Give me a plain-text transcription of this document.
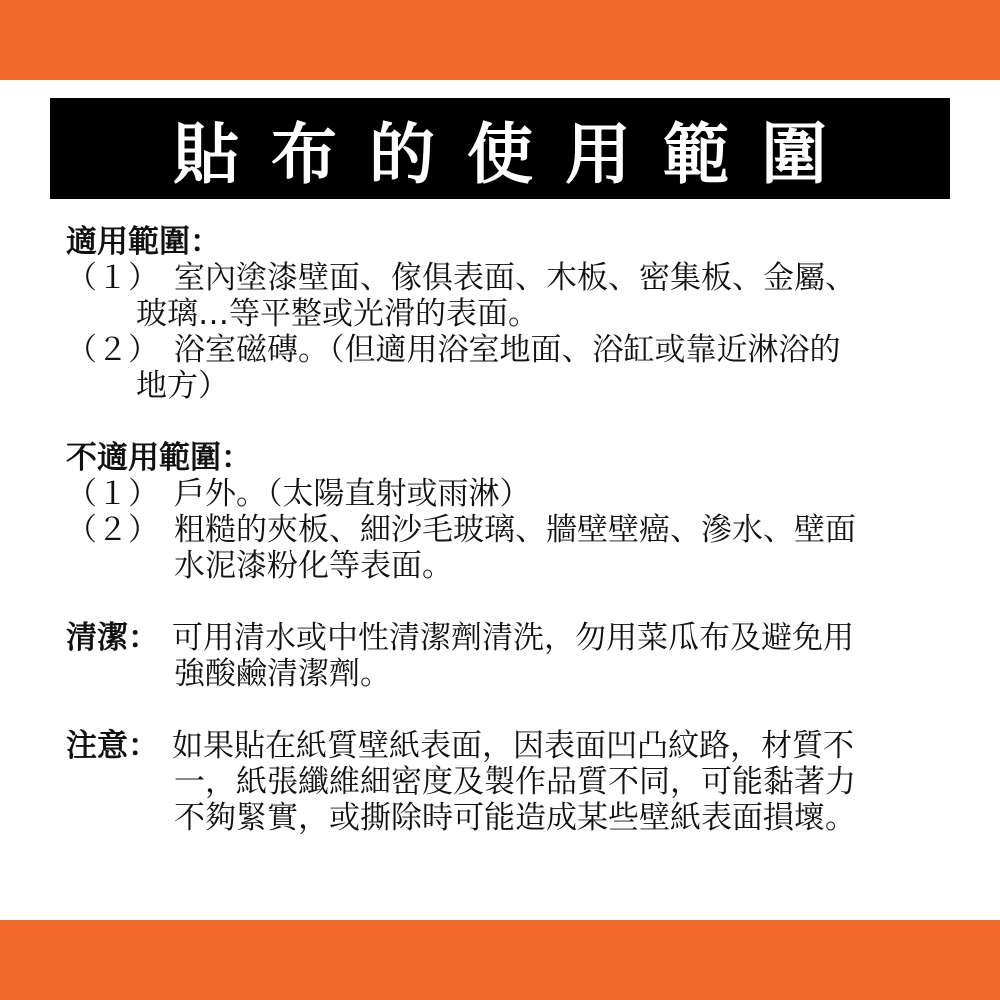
貼布的使用範圍
適用範圍：
（１） 室內塗漆壁面、傢俱表面、木板、密集板、金屬、
玻璃…等平整或光滑的表面。
（２） 浴室磁磚。（但適用浴室地面、浴缸或靠近淋浴的
地方）
不適用範圍：
（１） 戶外。（太陽直射或雨淋）
（２） 粗糙的夾板、細沙毛玻璃、牆壁壁癌、滲水、壁面
水泥漆粉化等表面。
清潔： 可用清水或中性清潔劑清洗，勿用菜瓜布及避免用
強酸鹼清潔劑。
注意： 如果貼在紙質壁紙表面，因表面凹凸紋路，材質不
一，紙張纖維細密度及製作品質不同，可能黏著力
不夠緊實，或撕除時可能造成某些壁紙表面損壞。
